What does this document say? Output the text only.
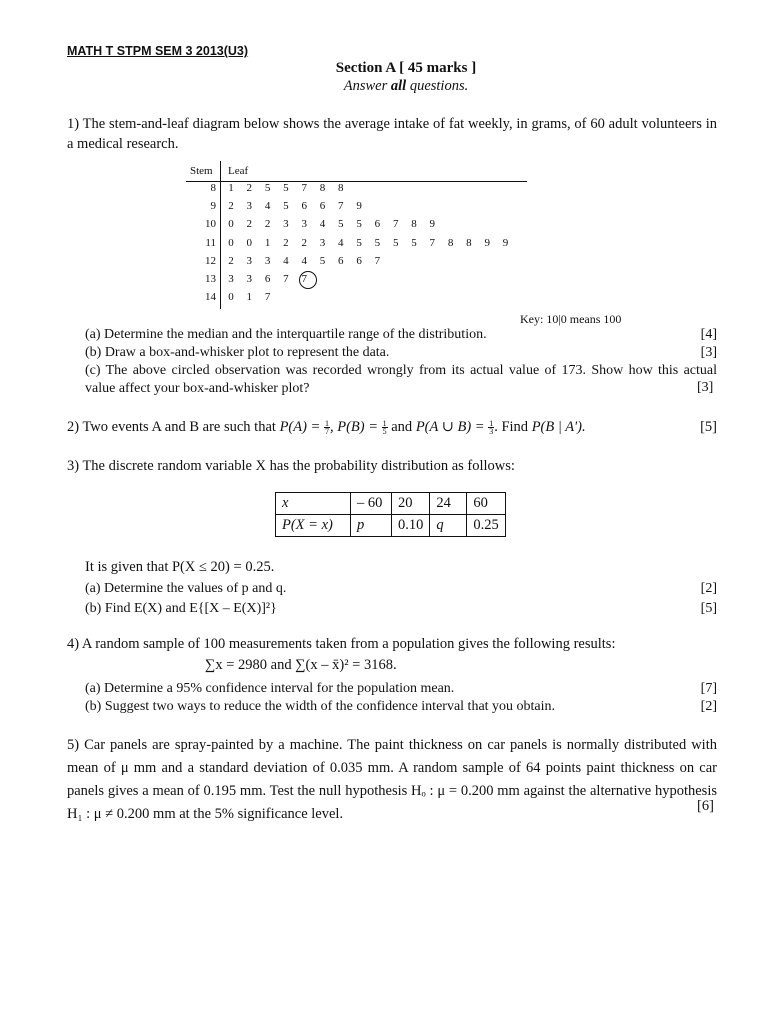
MATH T STPM SEM 3 2013(U3)
Section A [ 45 marks ]
Answer all questions.
1) The stem-and-leaf diagram below shows the average intake of fat weekly, in grams, of 60 adult volunteers in a medical research.
Stem Leaf
8	1	2	5	5	7	8	8
9	2	3	4	5	6	6	7	9
10	0	2	2	3	3	4	5	5	6	7	8	9
11	0	0	1	2	2	3	4	5	5	5	5	7	8	8	9	9
12	2	3	3	4	4	5	6	6	7
13	3	3	6	7	7
14	0	1	7
Key: 10|0 means 100
(a) Determine the median and the interquartile range of the distribution.	[4]
(b) Draw a box-and-whisker plot to represent the data.	[3]
(c) The above circled observation was recorded wrongly from its actual value of 173. Show how this actual value affect your box-and-whisker plot?	[3]
2) Two events A and B are such that $P(A) = \frac{1}{7}$ , $P(B) = \frac{1}{5}$ and P(A ∪ $B) = \frac{1}{3}$ . Find P(B | A').	[5]
3) The discrete random variable X has the probability distribution as follows:
x	– 60	20	24	60
P(X = x)	p	0.10	q	0.25
It is given that P(X ≤ 20) = 0.25.
(a) Determine the values of p and q.	[2]
(b) Find E(X) and E{[X – E(X)]²}	[5]
4) A random sample of 100 measurements taken from a population gives the following results:
∑x = 2980 and ∑(x – x̄)² = 3168.
(a) Determine a 95% confidence interval for the population mean.	[7]
(b) Suggest two ways to reduce the width of the confidence interval that you obtain.	[2]
5) Car panels are spray-painted by a machine. The paint thickness on car panels is normally distributed with mean of μ mm and a standard deviation of 0.035 mm. A random sample of 64 points paint thickness on car panels gives a mean of 0.195 mm. Test the null hypothesis Hₒ : μ = 0.200 mm against the alternative hypothesis H₁ : μ ≠ 0.200 mm at the 5% significance level.	[6]
